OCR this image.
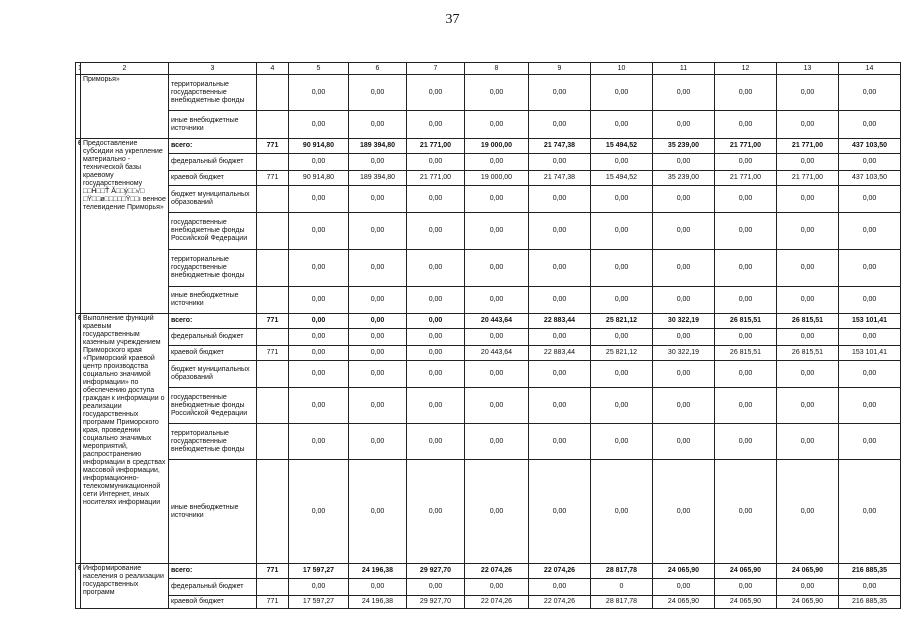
37
	2	3	4	5	6	7	8	9	10	11	12	13	14
	Приморья»	территориальные государственные внебюджетные фонды		0,00	0,00	0,00	0,00	0,00	0,00	0,00	0,00	0,00	0,00
		иные внебюджетные источники		0,00	0,00	0,00	0,00	0,00	0,00	0,00	0,00	0,00	0,00
	Предоставление субсидии на укрепление материально - технической базы краевому государственному □□Ĥ□□Ť Ă□□ý□□√□ □Ÿ□□ø□□□□□Ÿ□□ı венное телевидение Приморья»	всего:	771	90 914,80	189 394,80	21 771,00	19 000,00	21 747,38	15 494,52	35 239,00	21 771,00	21 771,00	437 103,50
		федеральный бюджет		0,00	0,00	0,00	0,00	0,00	0,00	0,00	0,00	0,00	0,00
		краевой бюджет	771	90 914,80	189 394,80	21 771,00	19 000,00	21 747,38	15 494,52	35 239,00	21 771,00	21 771,00	437 103,50
		бюджет муниципальных образований		0,00	0,00	0,00	0,00	0,00	0,00	0,00	0,00	0,00	0,00
		государственные внебюджетные фонды Российской Федерации		0,00	0,00	0,00	0,00	0,00	0,00	0,00	0,00	0,00	0,00
		территориальные государственные внебюджетные фонды		0,00	0,00	0,00	0,00	0,00	0,00	0,00	0,00	0,00	0,00
		иные внебюджетные источники		0,00	0,00	0,00	0,00	0,00	0,00	0,00	0,00	0,00	0,00
	Выполнение функций краевым государственным казенным учреждением Приморского края «Приморский краевой центр производства социально значимой информации» по обеспечению доступа граждан к информации о реализации государственных программ Приморского края, проведении социально значимых мероприятий, распространению информации в средствах массовой информации, информационно-телекоммуникационной сети Интернет, иных носителях информации	всего:	771	0,00	0,00	0,00	20 443,64	22 883,44	25 821,12	30 322,19	26 815,51	26 815,51	153 101,41
		федеральный бюджет		0,00	0,00	0,00	0,00	0,00	0,00	0,00	0,00	0,00	0,00
		краевой бюджет	771	0,00	0,00	0,00	20 443,64	22 883,44	25 821,12	30 322,19	26 815,51	26 815,51	153 101,41
		бюджет муниципальных образований		0,00	0,00	0,00	0,00	0,00	0,00	0,00	0,00	0,00	0,00
		государственные внебюджетные фонды Российской Федерации		0,00	0,00	0,00	0,00	0,00	0,00	0,00	0,00	0,00	0,00
		территориальные государственные внебюджетные фонды		0,00	0,00	0,00	0,00	0,00	0,00	0,00	0,00	0,00	0,00
		иные внебюджетные источники		0,00	0,00	0,00	0,00	0,00	0,00	0,00	0,00	0,00	0,00
	Информирование населения о реализации государственных программ	всего:	771	17 597,27	24 196,38	29 927,70	22 074,26	22 074,26	28 817,78	24 065,90	24 065,90	24 065,90	216 885,35
		федеральный бюджет		0,00	0,00	0,00	0,00	0,00	0	0,00	0,00	0,00	0,00
		краевой бюджет	771	17 597,27	24 196,38	29 927,70	22 074,26	22 074,26	28 817,78	24 065,90	24 065,90	24 065,90	216 885,35
